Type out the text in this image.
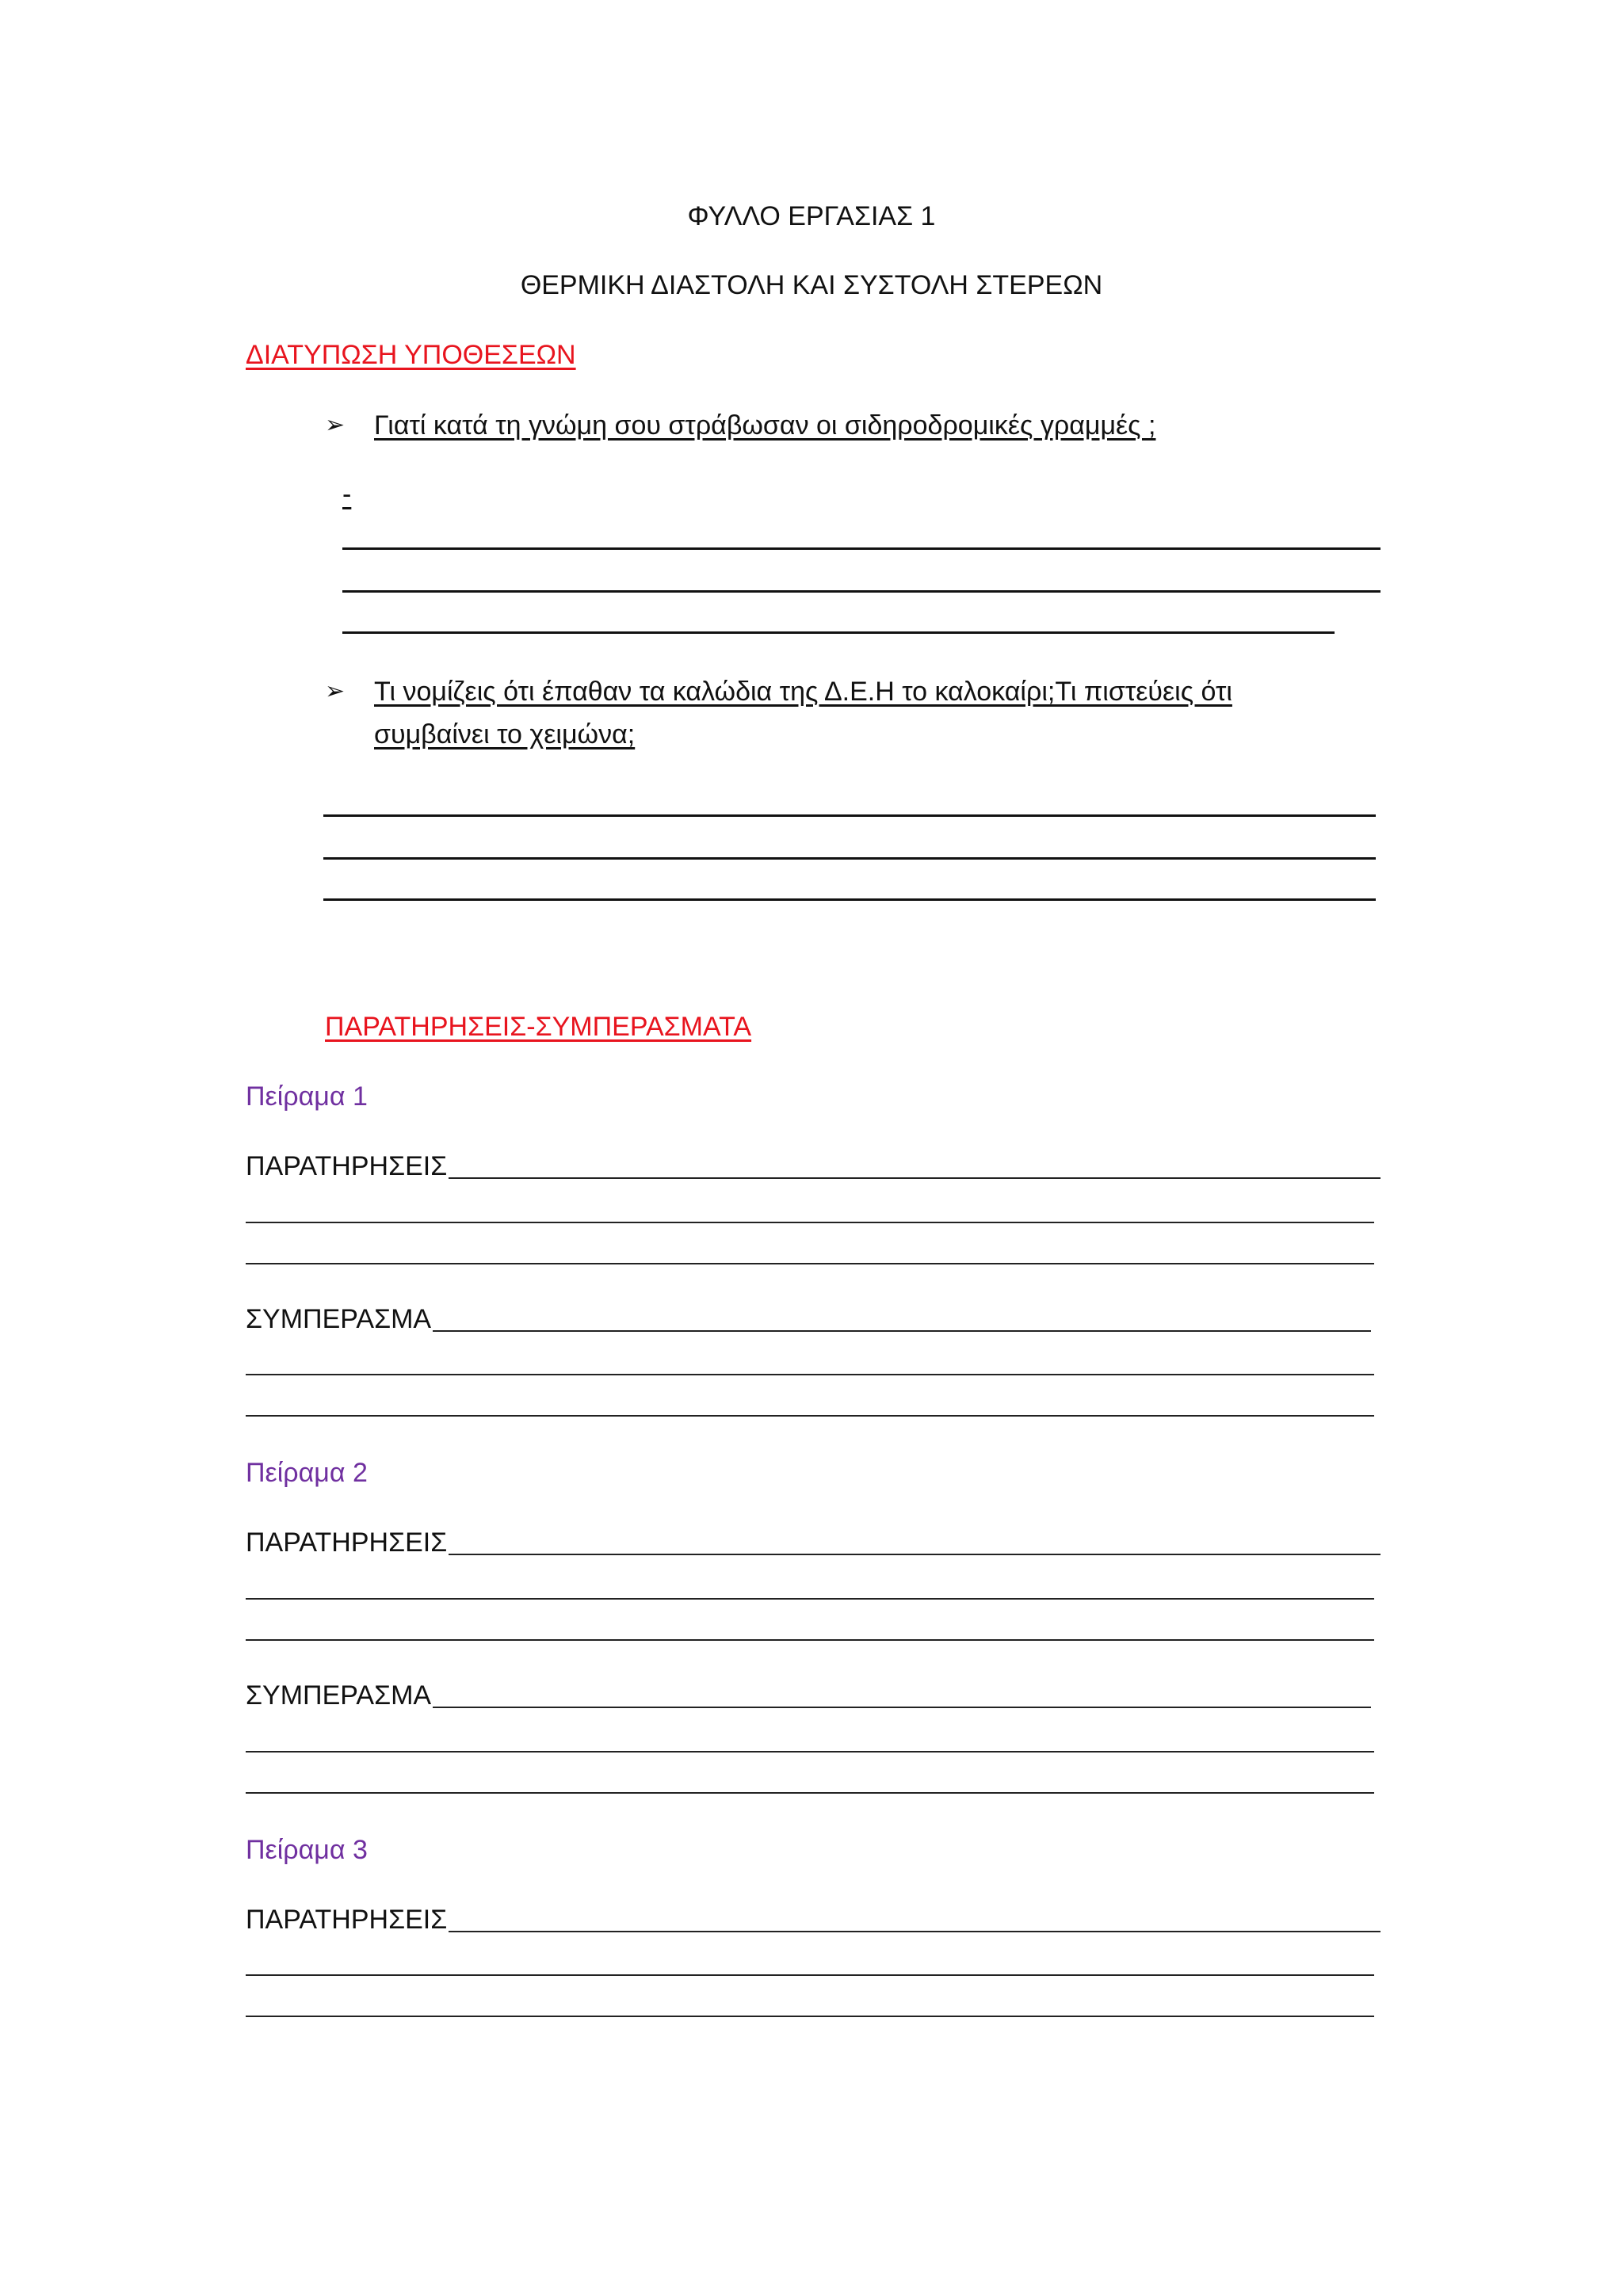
ΦΥΛΛΟ ΕΡΓΑΣΙΑΣ 1
ΘΕΡΜΙΚΗ ΔΙΑΣΤΟΛΗ ΚΑΙ ΣΥΣΤΟΛΗ ΣΤΕΡΕΩΝ
ΔΙΑΤΥΠΩΣΗ ΥΠΟΘΕΣΕΩΝ
➢ Γιατί κατά τη γνώμη σου στράβωσαν οι σιδηροδρομικές γραμμές ;
-
➢ Τι νομίζεις ότι έπαθαν τα καλώδια της Δ.Ε.Η το καλοκαίρι;Τι πιστεύεις ότι
συμβαίνει το χειμώνα;
ΠΑΡΑΤΗΡΗΣΕΙΣ-ΣΥΜΠΕΡΑΣΜΑΤΑ
Πείραμα 1
ΠΑΡΑΤΗΡΗΣΕΙΣ
ΣΥΜΠΕΡΑΣΜΑ
Πείραμα 2
ΠΑΡΑΤΗΡΗΣΕΙΣ
ΣΥΜΠΕΡΑΣΜΑ
Πείραμα 3
ΠΑΡΑΤΗΡΗΣΕΙΣ
